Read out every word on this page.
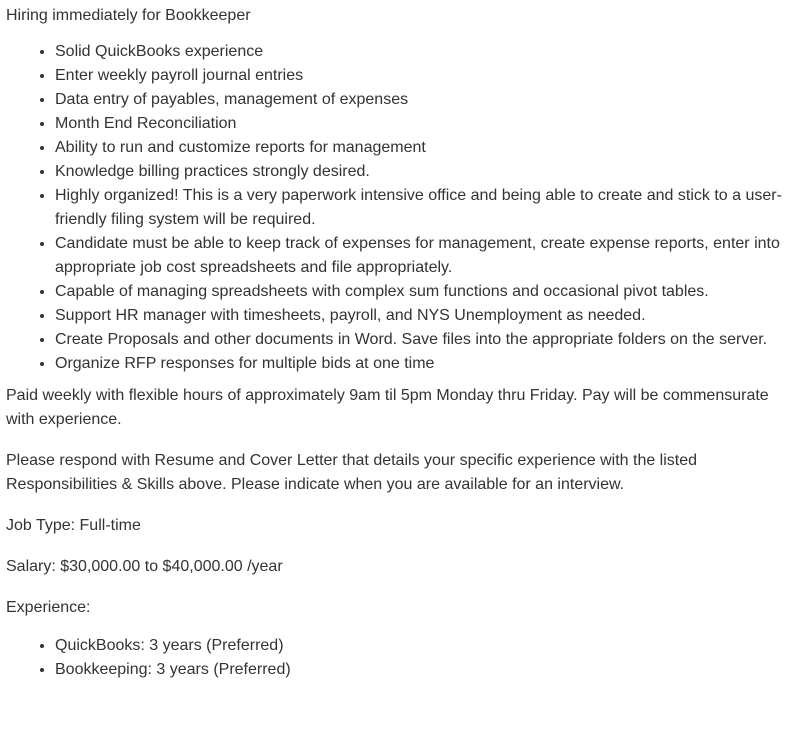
Hiring immediately for Bookkeeper

• Solid QuickBooks experience
• Enter weekly payroll journal entries
• Data entry of payables, management of expenses
• Month End Reconciliation
• Ability to run and customize reports for management
• Knowledge billing practices strongly desired.
• Highly organized! This is a very paperwork intensive office and being able to create and stick to a user-friendly filing system will be required.
• Candidate must be able to keep track of expenses for management, create expense reports, enter into appropriate job cost spreadsheets and file appropriately.
• Capable of managing spreadsheets with complex sum functions and occasional pivot tables.
• Support HR manager with timesheets, payroll, and NYS Unemployment as needed.
• Create Proposals and other documents in Word. Save files into the appropriate folders on the server.
• Organize RFP responses for multiple bids at one time

Paid weekly with flexible hours of approximately 9am til 5pm Monday thru Friday. Pay will be commensurate with experience.

Please respond with Resume and Cover Letter that details your specific experience with the listed Responsibilities & Skills above. Please indicate when you are available for an interview.

Job Type: Full-time

Salary: $30,000.00 to $40,000.00 /year

Experience:

• QuickBooks: 3 years (Preferred)
• Bookkeeping: 3 years (Preferred)
